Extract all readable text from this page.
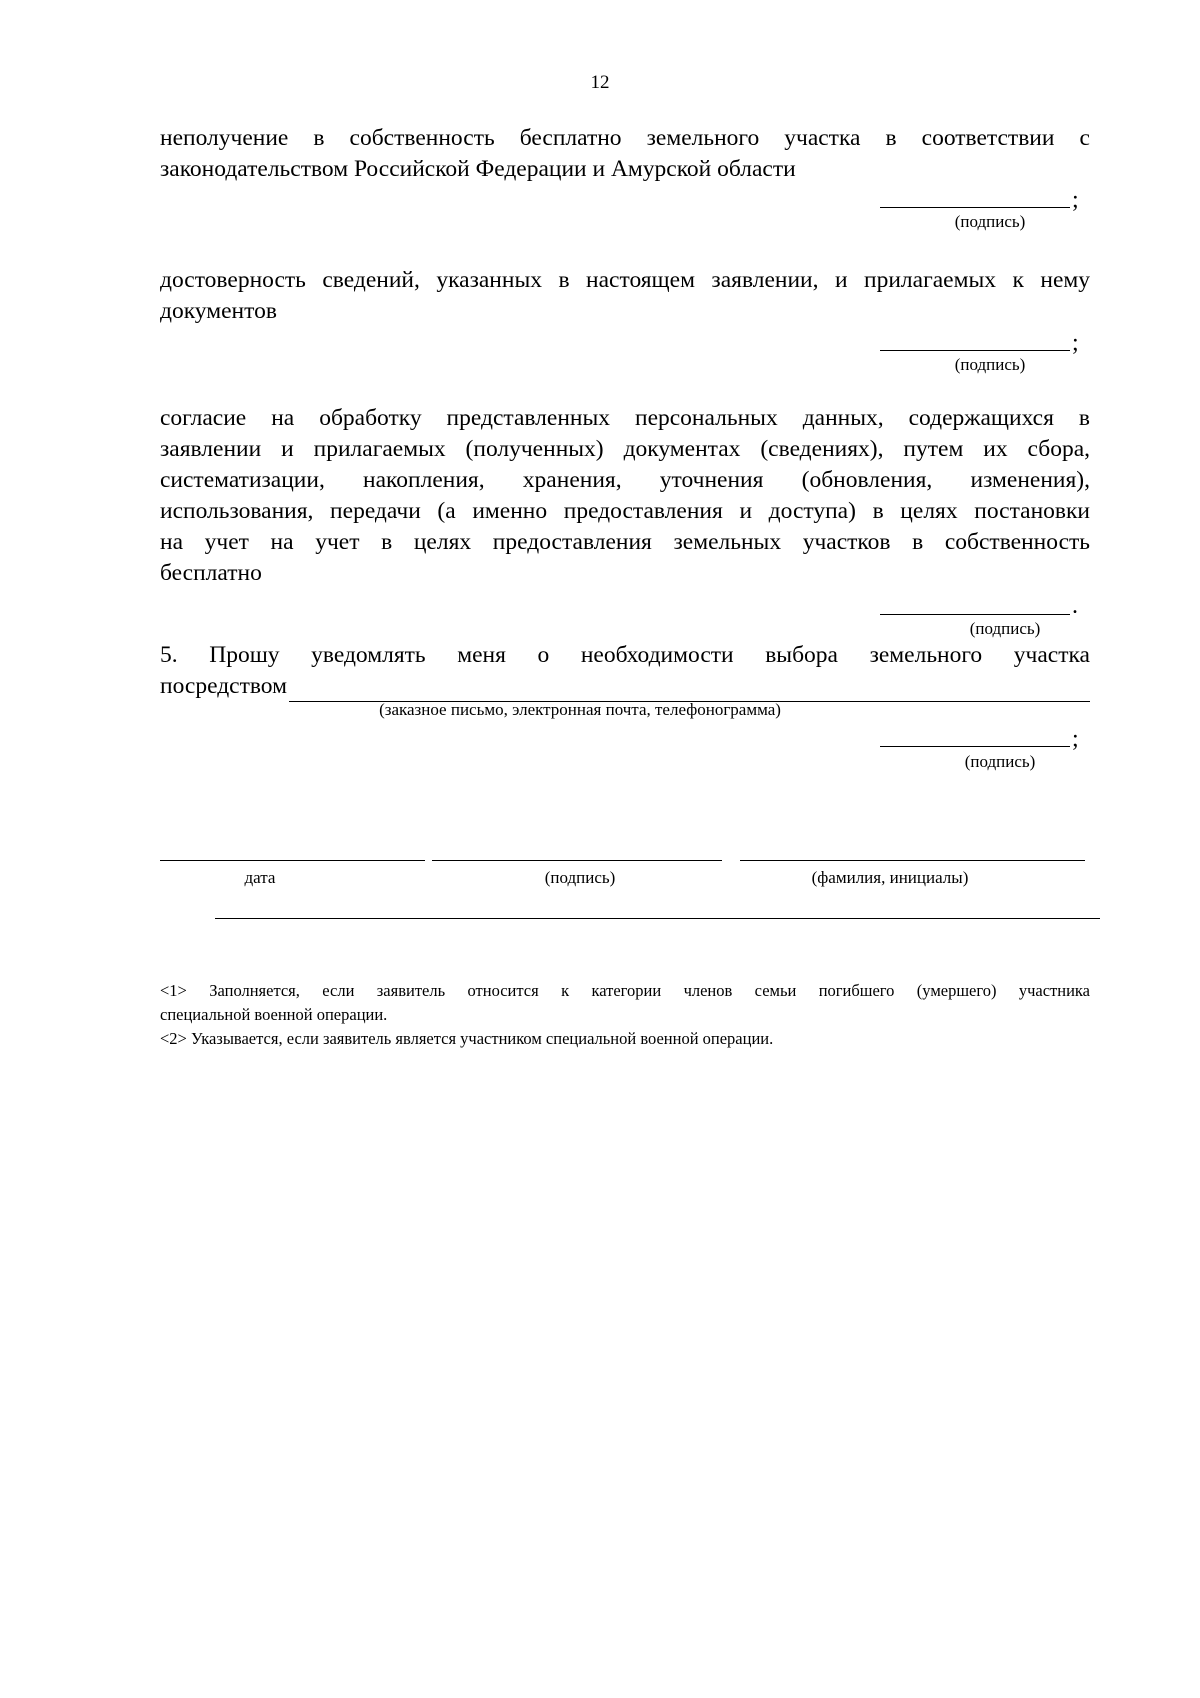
12
неполучение в собственность бесплатно земельного участка в соответствии с
законодательством Российской Федерации и Амурской области
;
(подпись)
достоверность сведений, указанных в настоящем заявлении, и прилагаемых к нему
документов
;
(подпись)
согласие на обработку представленных персональных данных, содержащихся в
заявлении и прилагаемых (полученных) документах (сведениях), путем их сбора,
систематизации, накопления, хранения, уточнения (обновления, изменения),
использования, передачи (а именно предоставления и доступа) в целях постановки
на учет на учет в целях предоставления земельных участков в собственность
бесплатно
.
(подпись)
5. Прошу уведомлять меня о необходимости выбора земельного участка
посредством
(заказное письмо, электронная почта, телефонограмма)
;
(подпись)
дата	(подпись)	(фамилия, инициалы)
<1> Заполняется, если заявитель относится к категории членов семьи погибшего (умершего) участника
специальной военной операции.
<2> Указывается, если заявитель является участником специальной военной операции.
